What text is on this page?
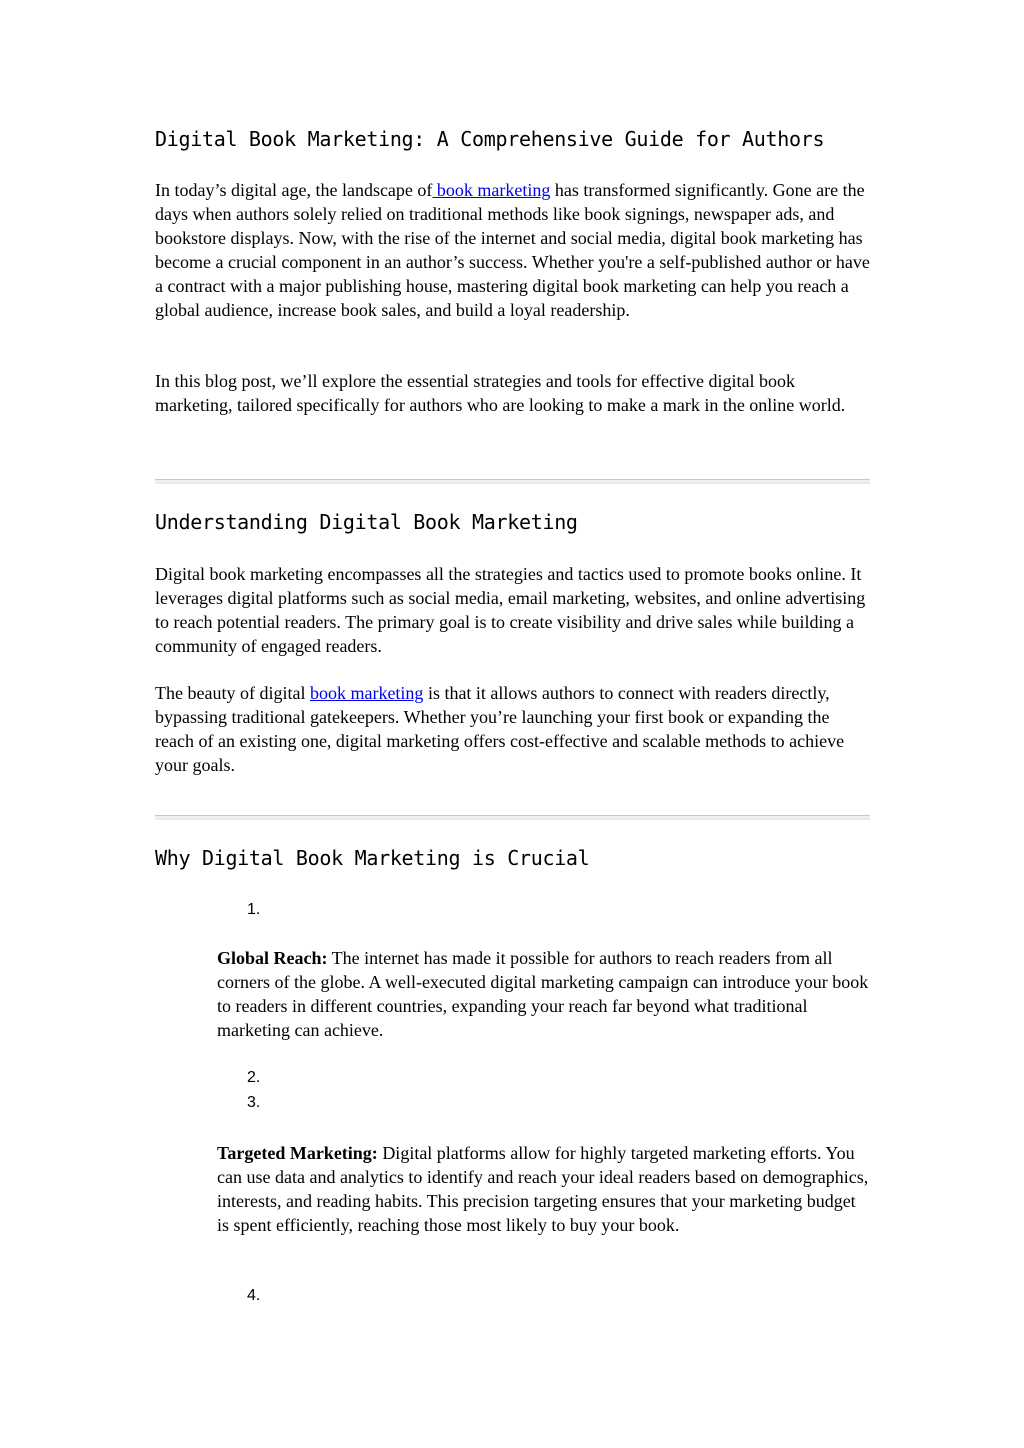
Digital Book Marketing: A Comprehensive Guide for Authors

In today’s digital age, the landscape of book marketing has transformed significantly. Gone are the days when authors solely relied on traditional methods like book signings, newspaper ads, and bookstore displays. Now, with the rise of the internet and social media, digital book marketing has become a crucial component in an author’s success. Whether you're a self-published author or have a contract with a major publishing house, mastering digital book marketing can help you reach a global audience, increase book sales, and build a loyal readership.

In this blog post, we’ll explore the essential strategies and tools for effective digital book marketing, tailored specifically for authors who are looking to make a mark in the online world.

Understanding Digital Book Marketing

Digital book marketing encompasses all the strategies and tactics used to promote books online. It leverages digital platforms such as social media, email marketing, websites, and online advertising to reach potential readers. The primary goal is to create visibility and drive sales while building a community of engaged readers.

The beauty of digital book marketing is that it allows authors to connect with readers directly, bypassing traditional gatekeepers. Whether you’re launching your first book or expanding the reach of an existing one, digital marketing offers cost-effective and scalable methods to achieve your goals.

Why Digital Book Marketing is Crucial
1.

Global Reach: The internet has made it possible for authors to reach readers from all corners of the globe. A well-executed digital marketing campaign can introduce your book to readers in different countries, expanding your reach far beyond what traditional marketing can achieve.

2.
3.

Targeted Marketing: Digital platforms allow for highly targeted marketing efforts. You can use data and analytics to identify and reach your ideal readers based on demographics, interests, and reading habits. This precision targeting ensures that your marketing budget is spent efficiently, reaching those most likely to buy your book.

4.
